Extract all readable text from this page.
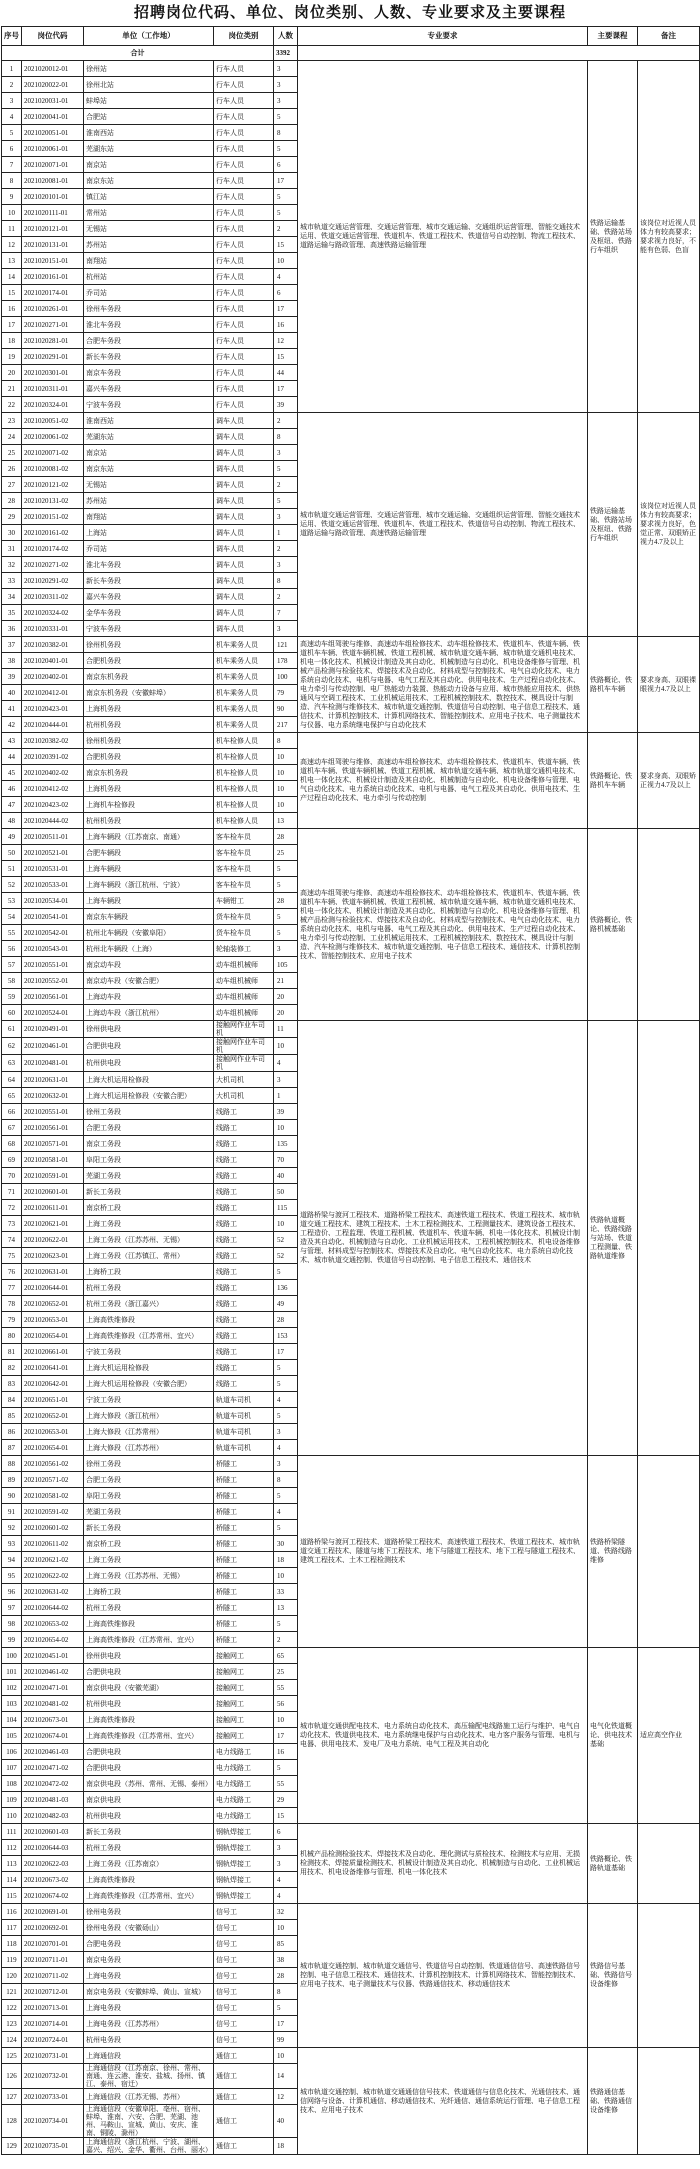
招聘岗位代码、单位、岗位类别、人数、专业要求及主要课程
序号	岗位代码	单位（工作地）	岗位类别	人数	专业要求	主要课程	备注
合计				3392			
1	2021020012-01	徐州站	行车人员	3	城市轨道交通运营管理、交通运营管理、城市交通运输、交通组织运营管理、智能交通技术运用、铁道交通运营管理、铁道机车、铁道工程技术、铁道信号自动控制、物流工程技术、道路运输与路政管理、高速铁路运输管理	铁路运输基础、铁路站场及枢纽、铁路行车组织	该岗位对近视人员体力有较高要求；要求视力良好，不能有色弱、色盲
2	2021020022-01	徐州北站	行车人员	3			
3	2021020031-01	蚌埠站	行车人员	3			
4	2021020041-01	合肥站	行车人员	5			
5	2021020051-01	淮南西站	行车人员	8			
6	2021020061-01	芜湖东站	行车人员	5			
7	2021020071-01	南京站	行车人员	6			
8	2021020081-01	南京东站	行车人员	17			
9	2021020101-01	镇江站	行车人员	5			
10	2021020111-01	常州站	行车人员	5			
11	2021020121-01	无锡站	行车人员	2			
12	2021020131-01	苏州站	行车人员	15			
13	2021020151-01	南翔站	行车人员	10			
14	2021020161-01	杭州站	行车人员	4			
15	2021020174-01	乔司站	行车人员	6			
16	2021020261-01	徐州车务段	行车人员	17			
17	2021020271-01	淮北车务段	行车人员	16			
18	2021020281-01	合肥车务段	行车人员	12			
19	2021020291-01	新长车务段	行车人员	15			
20	2021020301-01	南京车务段	行车人员	44			
21	2021020311-01	嘉兴车务段	行车人员	17			
22	2021020324-01	宁波车务段	行车人员	39			
23	2021020051-02	淮南西站	调车人员	2	城市轨道交通运营管理、交通运营管理、城市交通运输、交通组织运营管理、智能交通技术运用、铁道交通运营管理、铁道机车、铁道工程技术、铁道信号自动控制、物流工程技术、道路运输与路政管理、高速铁路运输管理	铁路运输基础、铁路站场及枢纽、铁路行车组织	该岗位对近视人员体力有较高要求；要求视力良好，色觉正常、双眼矫正视力4.7及以上
24	2021020061-02	芜湖东站	调车人员	8			
25	2021020071-02	南京站	调车人员	3			
26	2021020081-02	南京东站	调车人员	5			
27	2021020121-02	无锡站	调车人员	2			
28	2021020131-02	苏州站	调车人员	5			
29	2021020151-02	南翔站	调车人员	3			
30	2021020161-02	上海站	调车人员	1			
31	2021020174-02	乔司站	调车人员	2			
32	2021020271-02	淮北车务段	调车人员	3			
33	2021020291-02	新长车务段	调车人员	8			
34	2021020311-02	嘉兴车务段	调车人员	2			
35	2021020324-02	金华车务段	调车人员	7			
36	2021020331-01	宁波车务段	调车人员	3			
37	2021020382-01	徐州机务段	机车乘务人员	121	高速动车组驾驶与维修、高速动车组检修技术、动车组检修技术、铁道机车、铁道车辆、铁道机车车辆、铁道车辆机械、铁道工程机械、城市轨道交通车辆、城市轨道交通机电技术、机电一体化技术、机械设计制造及其自动化、机械制造与自动化、机电设备维修与管理、机械产品检测与检验技术、焊接技术及自动化、材料成型与控制技术、电气自动化技术、电力系统自动化技术、电机与电器、电气工程及其自动化、供用电技术、生产过程自动化技术、电力牵引与传动控制、电厂热能动力装置、热能动力设备与应用、城市热能应用技术、供热通风与空调工程技术、工业机械运用技术、工程机械控制技术、数控技术、模具设计与制造、汽车检测与维修技术、城市轨道交通控制、铁道信号自动控制、电子信息工程技术、通信技术、计算机控制技术、计算机网络技术、智能控制技术、应用电子技术、电子测量技术与仪器、电力系统继电保护与自动化技术	铁路概论、铁路机车车辆	要求身高、双眼裸眼视力4.7及以上
38	2021020401-01	合肥机务段	机车乘务人员	178			
39	2021020402-01	南京东机务段	机车乘务人员	100			
40	2021020412-01	南京东机务段（安徽蚌埠）	机车乘务人员	79			
41	2021020423-01	上海机务段	机车乘务人员	90			
42	2021020444-01	杭州机务段	机车乘务人员	217			
43	2021020382-02	徐州机务段	机车检修人员	8	高速动车组驾驶与维修、高速动车组检修技术、动车组检修技术、铁道机车、铁道车辆、铁道机车车辆、铁道车辆机械、铁道工程机械、城市轨道交通车辆、城市轨道交通机电技术、机电一体化技术、机械设计制造及其自动化、机械制造与自动化、机电设备维修与管理、电气自动化技术、电力系统自动化技术、电机与电器、电气工程及其自动化、供用电技术、生产过程自动化技术、电力牵引与传动控制	铁路概论、铁路机车车辆	要求身高、双眼矫正视力4.7及以上
44	2021020391-02	合肥机务段	机车检修人员	10			
45	2021020402-02	南京东机务段	机车检修人员	10			
46	2021020412-02	上海机务段	机车检修人员	10			
47	2021020423-02	上海机车检修段	机车检修人员	10			
48	2021020444-02	杭州机务段	机车检修人员	13			
49	2021020511-01	上海车辆段（江苏南京、南通）	客车检车员	28	高速动车组驾驶与维修、高速动车组检修技术、动车组检修技术、铁道机车、铁道车辆、铁道机车车辆、铁道车辆机械、铁道工程机械、城市轨道交通车辆、城市轨道交通机电技术、机电一体化技术、机械设计制造及其自动化、机械制造与自动化、机电设备维修与管理、机械产品检测与检验技术、焊接技术及自动化、材料成型与控制技术、电气自动化技术、电力系统自动化技术、电机与电器、电气工程及其自动化、供用电技术、生产过程自动化技术、电力牵引与传动控制、工业机械运用技术、工程机械控制技术、数控技术、模具设计与制造、汽车检测与维修技术、城市轨道交通控制、电子信息工程技术、通信技术、计算机控制技术、智能控制技术、应用电子技术	铁路概论、铁路机械基础	
50	2021020521-01	合肥车辆段	客车检车员	25			
51	2021020531-01	上海车辆段	客车检车员	5			
52	2021020533-01	上海车辆段（浙江杭州、宁波）	客车检车员	5			
53	2021020534-01	上海车辆段	车辆钳工	28			
54	2021020541-01	南京东车辆段	货车检车员	5			
55	2021020542-01	杭州北车辆段（安徽阜阳）	货车检车员	5			
56	2021020543-01	杭州北车辆段（上海）	轮轴装修工	3			
57	2021020551-01	南京动车段	动车组机械师	105			
58	2021020552-01	南京动车段（安徽合肥）	动车组机械师	21			
59	2021020561-01	上海动车段	动车组机械师	20			
60	2021020524-01	上海动车段（浙江杭州）	动车组机械师	20			
61	2021020491-01	徐州供电段	接触网作业车司机	11	道路桥梁与渡河工程技术、道路桥梁工程技术、高速铁道工程技术、铁道工程技术、城市轨道交通工程技术、建筑工程技术、土木工程检测技术、工程测量技术、建筑设备工程技术、工程造价、工程监理、铁道工程机械、铁道机车、铁道车辆、机电一体化技术、机械设计制造及其自动化、机械制造与自动化、工业机械运用技术、工程机械控制技术、机电设备维修与管理、材料成型与控制技术、焊接技术及自动化、电气自动化技术、电力系统自动化技术、城市轨道交通控制、铁道信号自动控制、电子信息工程技术、通信技术	铁路轨道概论、铁路线路与站场、铁道工程测量、铁路轨道维修	
62	2021020461-01	合肥供电段	接触网作业车司机	10			
63	2021020481-01	杭州供电段	接触网作业车司机	4			
64	2021020631-01	上海大机运用检修段	大机司机	3			
65	2021020632-01	上海大机运用检修段（安徽合肥）	大机司机	1			
66	2021020551-01	徐州工务段	线路工	39			
67	2021020561-01	合肥工务段	线路工	10			
68	2021020571-01	南京工务段	线路工	135			
69	2021020581-01	阜阳工务段	线路工	70			
70	2021020591-01	芜湖工务段	线路工	40			
71	2021020601-01	新长工务段	线路工	50			
72	2021020611-01	南京桥工段	线路工	115			
73	2021020621-01	上海工务段	线路工	10			
74	2021020622-01	上海工务段（江苏苏州、无锡）	线路工	52			
75	2021020623-01	上海工务段（江苏镇江、常州）	线路工	52			
76	2021020631-01	上海桥工段	线路工	5			
77	2021020644-01	杭州工务段	线路工	136			
78	2021020652-01	杭州工务段（浙江嘉兴）	线路工	49			
79	2021020653-01	上海高铁维修段	线路工	28			
80	2021020654-01	上海高铁维修段（江苏常州、宜兴）	线路工	153			
81	2021020661-01	宁波工务段	线路工	17			
82	2021020641-01	上海大机运用检修段	线路工	5			
83	2021020642-01	上海大机运用检修段（安徽合肥）	线路工	5			
84	2021020651-01	宁波工务段	轨道车司机	4			
85	2021020652-01	上海大修段（浙江杭州）	轨道车司机	5			
86	2021020653-01	上海大修段（江苏常州）	轨道车司机	3			
87	2021020654-01	上海大修段（江苏苏州）	轨道车司机	4			
88	2021020561-02	徐州工务段	桥隧工	3	道路桥梁与渡河工程技术、道路桥梁工程技术、高速铁道工程技术、铁道工程技术、城市轨道交通工程技术、隧道与地下工程技术、地下与隧道工程技术、地下工程与隧道工程技术、建筑工程技术、土木工程检测技术	铁路桥梁隧道、铁路线路维修	
89	2021020571-02	合肥工务段	桥隧工	8			
90	2021020581-02	阜阳工务段	桥隧工	5			
91	2021020591-02	芜湖工务段	桥隧工	4			
92	2021020601-02	新长工务段	桥隧工	5			
93	2021020611-02	南京桥工段	桥隧工	30			
94	2021020621-02	上海工务段	桥隧工	18			
95	2021020622-02	上海工务段（江苏苏州、无锡）	桥隧工	10			
96	2021020631-02	上海桥工段	桥隧工	33			
97	2021020644-02	杭州工务段	桥隧工	13			
98	2021020653-02	上海高铁维修段	桥隧工	5			
99	2021020654-02	上海高铁维修段（江苏常州、宜兴）	桥隧工	2			
100	2021020451-01	徐州供电段	接触网工	65	城市轨道交通供配电技术、电力系统自动化技术、高压输配电线路施工运行与维护、电气自动化技术、铁道供电技术、电力系统继电保护与自动化技术、电力客户服务与管理、电机与电器、供用电技术、发电厂及电力系统、电气工程及其自动化	电气化铁道概论、供电技术基础	适应高空作业
101	2021020461-02	合肥供电段	接触网工	25			
102	2021020471-01	南京供电段（安徽芜湖）	接触网工	55			
103	2021020481-02	杭州供电段	接触网工	56			
104	2021020673-01	上海高铁维修段	接触网工	10			
105	2021020674-01	上海高铁维修段（江苏常州、宜兴）	接触网工	17			
106	2021020461-03	合肥供电段	电力线路工	16			
107	2021020471-02	合肥供电段	电力线路工	5			
108	2021020472-02	南京供电段（苏州、常州、无锡、泰州）	电力线路工	55			
109	2021020481-03	南京供电段	电力线路工	29			
110	2021020482-03	杭州供电段	电力线路工	15			
111	2021020601-03	新长工务段	钢轨焊接工	6	机械产品检测检验技术、焊接技术及自动化、理化测试与质检技术、检测技术与应用、无损检测技术、焊接质量检测技术、机械设计制造及其自动化、机械制造与自动化、工业机械运用技术、机电设备维修与管理、机电一体化技术	铁路概论、铁路轨道基础	
112	2021020644-03	杭州工务段	钢轨焊接工	3			
113	2021020622-03	上海工务段（江苏南京）	钢轨焊接工	3			
114	2021020673-02	上海高铁维修段	钢轨焊接工	4			
115	2021020674-02	上海高铁维修段（江苏常州、宜兴）	钢轨焊接工	4			
116	2021020691-01	徐州电务段	信号工	32	城市轨道交通控制、城市轨道交通信号、铁道信号自动控制、铁道通信信号、高速铁路信号控制、电子信息工程技术、通信技术、计算机控制技术、计算机网络技术、智能控制技术、应用电子技术、电子测量技术与仪器、铁路通信技术、移动通信技术	铁路信号基础、铁路信号设备维修	
117	2021020692-01	徐州电务段（安徽砀山）	信号工	10			
118	2021020701-01	合肥电务段	信号工	85			
119	2021020711-01	南京电务段	信号工	38			
120	2021020711-02	上海电务段	信号工	28			
121	2021020712-01	南京电务段（安徽蚌埠、黄山、宣城）	信号工	8			
122	2021020713-01	上海电务段	信号工	5			
123	2021020714-01	上海电务段（江苏苏州）	信号工	17			
124	2021020724-01	杭州电务段	信号工	99			
125	2021020731-01	上海通信段	通信工	10	城市轨道交通控制、城市轨道交通通信信号技术、铁道通信与信息化技术、光通信技术、通信网络与设备、计算机通信、移动通信技术、光纤通信、通信系统运行管理、电子信息工程技术、应用电子技术	铁路通信基础、铁路通信设备维修	
126	2021020732-01	上海通信段（江苏南京、徐州、常州、南通、连云港、淮安、盐城、扬州、镇江、泰州、宿迁）	通信工	14			
127	2021020733-01	上海通信段（江苏无锡、苏州）	通信工	12			
128	2021020734-01	上海通信段（安徽阜阳、亳州、宿州、蚌埠、淮南、六安、合肥、芜湖、池州、马鞍山、宣城、黄山、安庆、淮南、铜陵、滁州）	通信工	40			
129	2021020735-01	上海通信段（浙江杭州、宁波、湖州、嘉兴、绍兴、金华、衢州、台州、丽水）	通信工	18			
